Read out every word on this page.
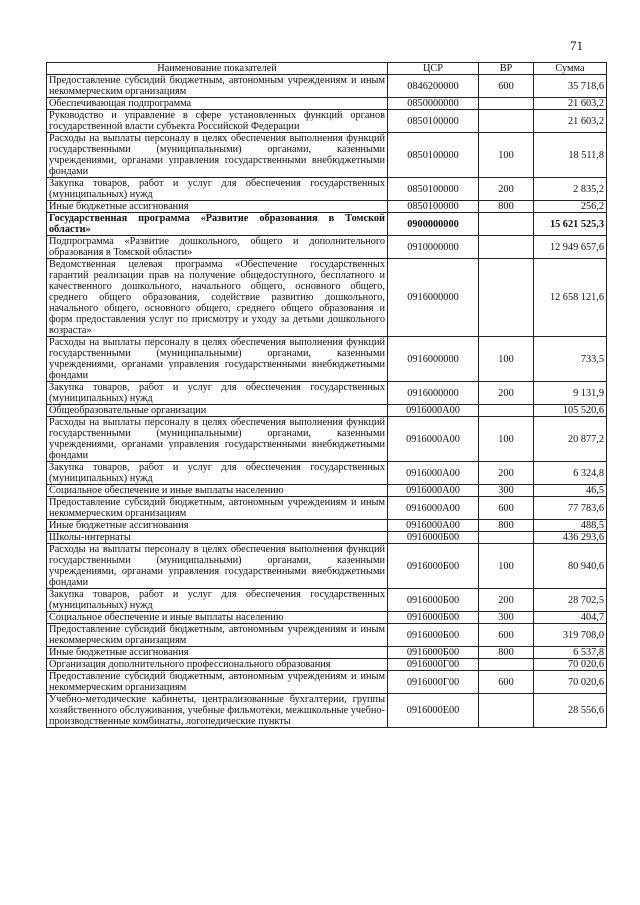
71
Наименование показателей	ЦСР	ВР	Сумма
Предоставление субсидий бюджетным, автономным учреждениям и иным некоммерческим организациям	0846200000	600	35 718,6
Обеспечивающая подпрограмма	0850000000		21 603,2
Руководство и управление в сфере установленных функций органов государственной власти субъекта Российской Федерации	0850100000		21 603,2
Расходы на выплаты персоналу в целях обеспечения выполнения функций государственными (муниципальными) органами, казенными учреждениями, органами управления государственными внебюджетными фондами	0850100000	100	18 511,8
Закупка товаров, работ и услуг для обеспечения государственных (муниципальных) нужд	0850100000	200	2 835,2
Иные бюджетные ассигнования	0850100000	800	256,2
Государственная программа «Развитие образования в Томской области»	0900000000		15 621 525,3
Подпрограмма «Развитие дошкольного, общего и дополнительного образования в Томской области»	0910000000		12 949 657,6
Ведомственная целевая программа «Обеспечение государственных гарантий реализации прав на получение общедоступного, бесплатного и качественного дошкольного, начального общего, основного общего, среднего общего образования, содействие развитию дошкольного, начального общего, основного общего, среднего общего образования и форм предоставления услуг по присмотру и уходу за детьми дошкольного возраста»	0916000000		12 658 121,6
Расходы на выплаты персоналу в целях обеспечения выполнения функций государственными (муниципальными) органами, казенными учреждениями, органами управления государственными внебюджетными фондами	0916000000	100	733,5
Закупка товаров, работ и услуг для обеспечения государственных (муниципальных) нужд	0916000000	200	9 131,9
Общеобразовательные организации	0916000А00		105 520,6
Расходы на выплаты персоналу в целях обеспечения выполнения функций государственными (муниципальными) органами, казенными учреждениями, органами управления государственными внебюджетными фондами	0916000А00	100	20 877,2
Закупка товаров, работ и услуг для обеспечения государственных (муниципальных) нужд	0916000А00	200	6 324,8
Социальное обеспечение и иные выплаты населению	0916000А00	300	46,5
Предоставление субсидий бюджетным, автономным учреждениям и иным некоммерческим организациям	0916000А00	600	77 783,6
Иные бюджетные ассигнования	0916000А00	800	488,5
Школы-интернаты	0916000Б00		436 293,6
Расходы на выплаты персоналу в целях обеспечения выполнения функций государственными (муниципальными) органами, казенными учреждениями, органами управления государственными внебюджетными фондами	0916000Б00	100	80 940,6
Закупка товаров, работ и услуг для обеспечения государственных (муниципальных) нужд	0916000Б00	200	28 702,5
Социальное обеспечение и иные выплаты населению	0916000Б00	300	404,7
Предоставление субсидий бюджетным, автономным учреждениям и иным некоммерческим организациям	0916000Б00	600	319 708,0
Иные бюджетные ассигнования	0916000Б00	800	6 537,8
Организация дополнительного профессионального образования	0916000Г00		70 020,6
Предоставление субсидий бюджетным, автономным учреждениям и иным некоммерческим организациям	0916000Г00	600	70 020,6
Учебно-методические кабинеты, централизованные бухгалтерии, группы хозяйственного обслуживания, учебные фильмотеки, межшкольные учебно-производственные комбинаты, логопедические пункты	0916000Е00		28 556,6
